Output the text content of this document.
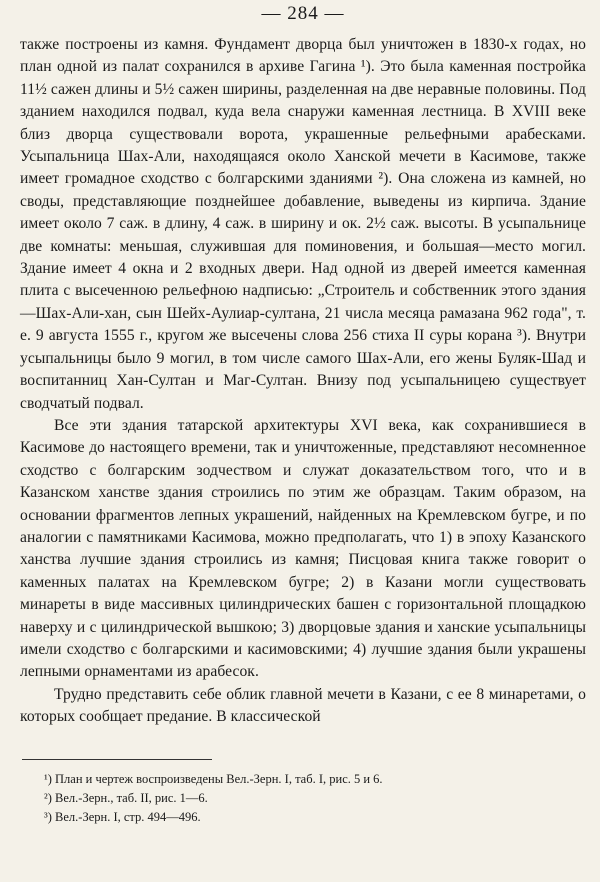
— 284 —

также построены из камня. Фундамент дворца был уничтожен в 1830-х годах, но план одной из палат сохранился в архиве Гагина ¹). Это была каменная постройка 11½ сажен длины и 5½ сажен ширины, разделенная на две неравные половины. Под зданием находился подвал, куда вела снаружи каменная лестница. В XVIII веке близ дворца существовали ворота, украшенные рельефными арабесками. Усыпальница Шах-Али, находящаяся около Ханской мечети в Касимове, также имеет громадное сходство с болгарскими зданиями ²). Она сложена из камней, но своды, представляющие позднейшее добавление, выведены из кирпича. Здание имеет около 7 саж. в длину, 4 саж. в ширину и ок. 2½ саж. высоты. В усыпальнице две комнаты: меньшая, служившая для поминовения, и большая—место могил. Здание имеет 4 окна и 2 входных двери. Над одной из дверей имеется каменная плита с высеченною рельефною надписью: „Строитель и собственник этого здания—Шах-Али-хан, сын Шейх-Аулиар-султана, 21 числа месяца рамазана 962 года", т. е. 9 августа 1555 г., кругом же высечены слова 256 стиха II суры корана ³). Внутри усыпальницы было 9 могил, в том числе самого Шах-Али, его жены Буляк-Шад и воспитанниц Хан-Султан и Маг-Султан. Внизу под усыпальницею существует сводчатый подвал.

Все эти здания татарской архитектуры XVI века, как сохранившиеся в Касимове до настоящего времени, так и уничтоженные, представляют несомненное сходство с болгарским зодчеством и служат доказательством того, что и в Казанском ханстве здания строились по этим же образцам. Таким образом, на основании фрагментов лепных украшений, найденных на Кремлевском бугре, и по аналогии с памятниками Касимова, можно предполагать, что 1) в эпоху Казанского ханства лучшие здания строились из камня; Писцовая книга также говорит о каменных палатах на Кремлевском бугре; 2) в Казани могли существовать минареты в виде массивных цилиндрических башен с горизонтальной площадкою наверху и с цилиндрической вышкою; 3) дворцовые здания и ханские усыпальницы имели сходство с болгарскими и касимовскими; 4) лучшие здания были украшены лепными орнаментами из арабесок.

Трудно представить себе облик главной мечети в Казани, с ее 8 минаретами, о которых сообщает предание. В классической

¹) План и чертеж воспроизведены Вел.-Зерн. I, таб. I, рис. 5 и 6.

²) Вел.-Зерн., таб. II, рис. 1—6.

³) Вел.-Зерн. I, стр. 494—496.
